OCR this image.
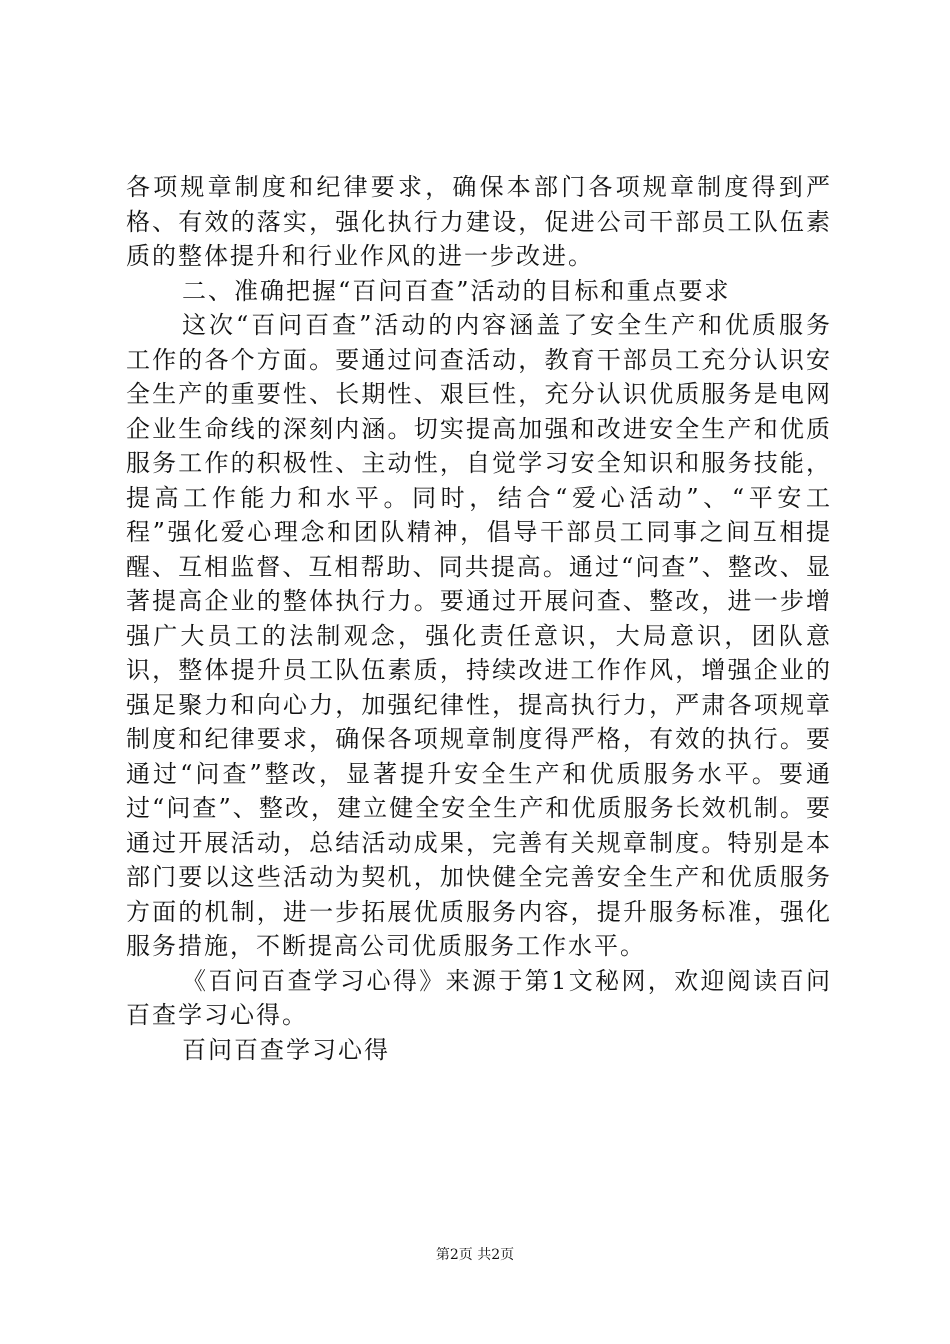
各项规章制度和纪律要求，确保本部门各项规章制度得到严格、有效的落实，强化执行力建设，促进公司干部员工队伍素质的整体提升和行业作风的进一步改进。

二、准确把握“百问百查”活动的目标和重点要求

这次“百问百查”活动的内容涵盖了安全生产和优质服务工作的各个方面。要通过问查活动，教育干部员工充分认识安全生产的重要性、长期性、艰巨性，充分认识优质服务是电网企业生命线的深刻内涵。切实提高加强和改进安全生产和优质服务工作的积极性、主动性，自觉学习安全知识和服务技能，提高工作能力和水平。同时，结合“爱心活动”、“平安工程”强化爱心理念和团队精神，倡导干部员工同事之间互相提醒、互相监督、互相帮助、同共提高。通过“问查”、整改、显著提高企业的整体执行力。要通过开展问查、整改，进一步增强广大员工的法制观念，强化责任意识，大局意识，团队意识，整体提升员工队伍素质，持续改进工作作风，增强企业的强足聚力和向心力，加强纪律性，提高执行力，严肃各项规章制度和纪律要求，确保各项规章制度得严格，有效的执行。要通过“问查”整改，显著提升安全生产和优质服务水平。要通过“问查”、整改，建立健全安全生产和优质服务长效机制。要通过开展活动，总结活动成果，完善有关规章制度。特别是本部门要以这些活动为契机，加快健全完善安全生产和优质服务方面的机制，进一步拓展优质服务内容，提升服务标准，强化服务措施，不断提高公司优质服务工作水平。

《百问百查学习心得》来源于第1文秘网，欢迎阅读百问百查学习心得。

百问百查学习心得

第2页 共2页
